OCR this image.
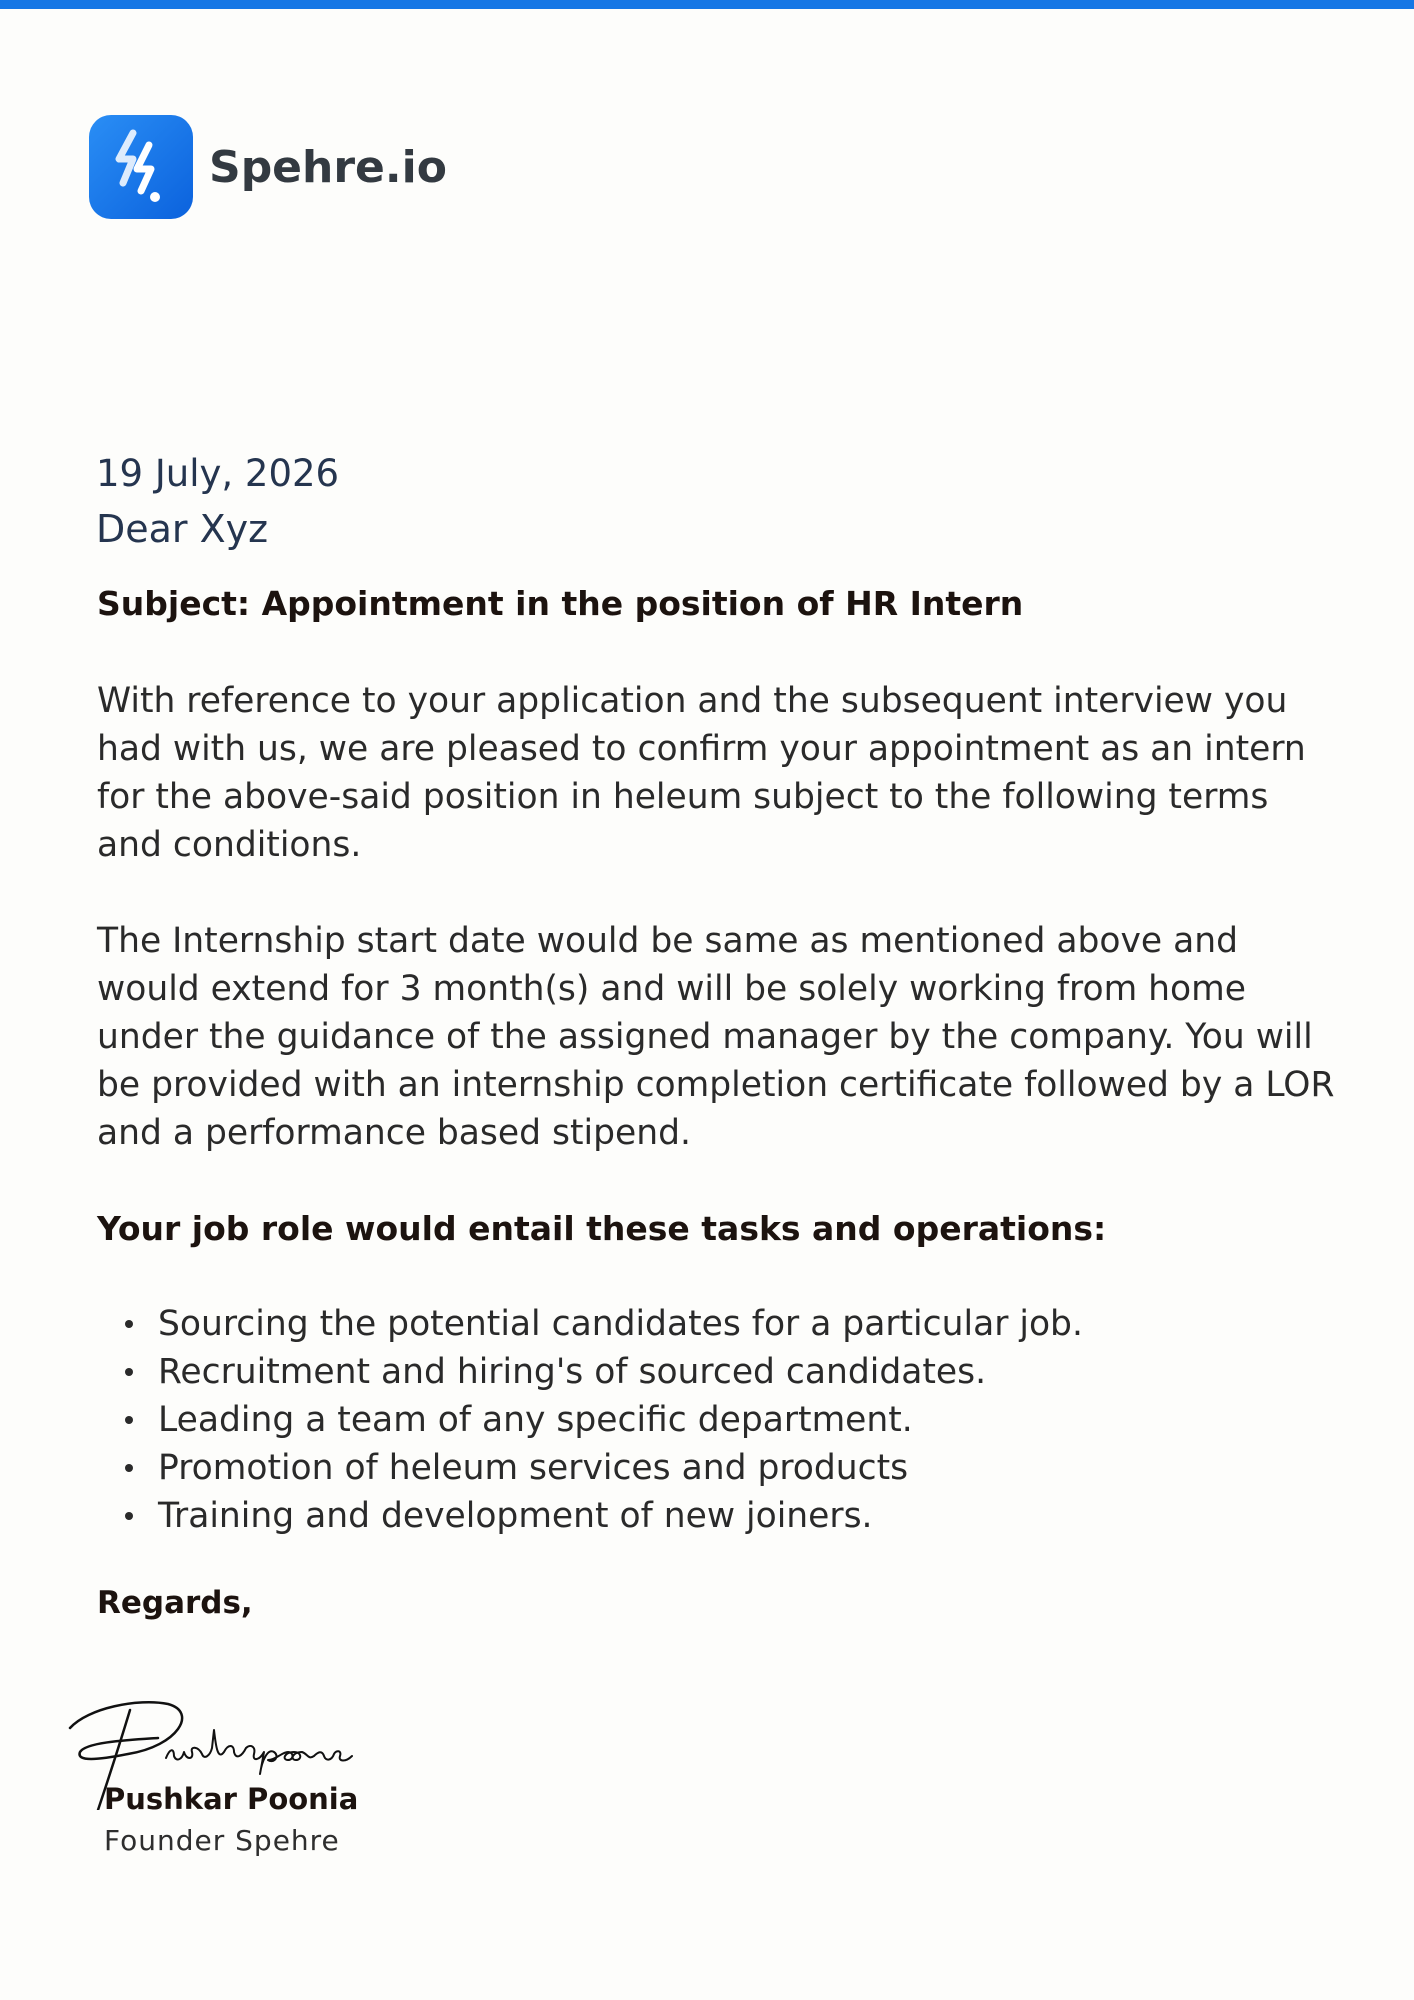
Spehre.io
19 July, 2026
Dear Xyz
Subject: Appointment in the position of HR Intern
With reference to your application and the subsequent interview you had with us, we are pleased to confirm your appointment as an intern for the above-said position in heleum subject to the following terms and conditions.
The Internship start date would be same as mentioned above and would extend for 3 month(s) and will be solely working from home under the guidance of the assigned manager by the company. You will be provided with an internship completion certificate followed by a LOR and a performance based stipend.
Your job role would entail these tasks and operations:
Sourcing the potential candidates for a particular job.
Recruitment and hiring's of sourced candidates.
Leading a team of any specific department.
Promotion of heleum services and products
Training and development of new joiners.
Regards,
Pushkar Poonia
Founder Spehre
